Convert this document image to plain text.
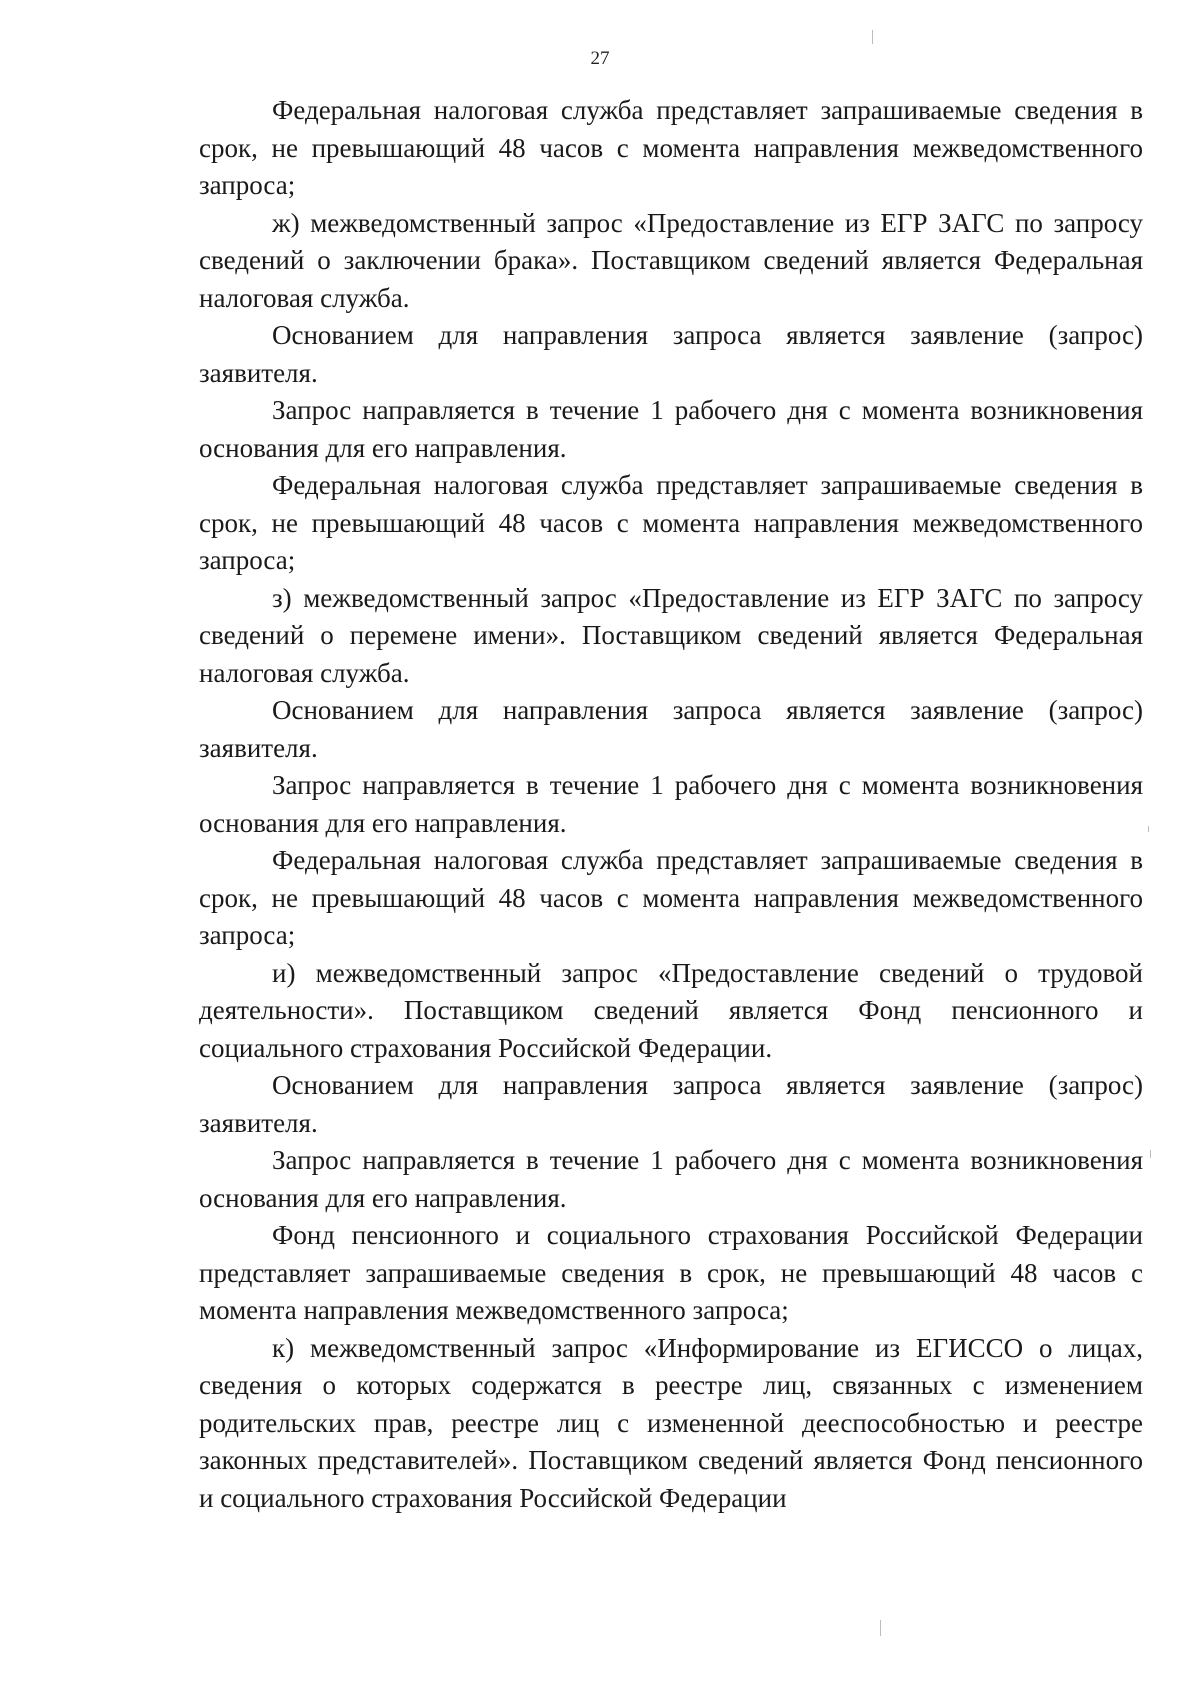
27

Федеральная налоговая служба представляет запрашиваемые сведения в срок, не превышающий 48 часов с момента направления межведомственного запроса;

ж) межведомственный запрос «Предоставление из ЕГР ЗАГС по запросу сведений о заключении брака». Поставщиком сведений является Федеральная налоговая служба.

Основанием для направления запроса является заявление (запрос) заявителя.

Запрос направляется в течение 1 рабочего дня с момента возникновения основания для его направления.

Федеральная налоговая служба представляет запрашиваемые сведения в срок, не превышающий 48 часов с момента направления межведомственного запроса;

з) межведомственный запрос «Предоставление из ЕГР ЗАГС по запросу сведений о перемене имени». Поставщиком сведений является Федеральная налоговая служба.

Основанием для направления запроса является заявление (запрос) заявителя.

Запрос направляется в течение 1 рабочего дня с момента возникновения основания для его направления.

Федеральная налоговая служба представляет запрашиваемые сведения в срок, не превышающий 48 часов с момента направления межведомственного запроса;

и) межведомственный запрос «Предоставление сведений о трудовой деятельности». Поставщиком сведений является Фонд пенсионного и социального страхования Российской Федерации.

Основанием для направления запроса является заявление (запрос) заявителя.

Запрос направляется в течение 1 рабочего дня с момента возникновения основания для его направления.

Фонд пенсионного и социального страхования Российской Федерации представляет запрашиваемые сведения в срок, не превышающий 48 часов с момента направления межведомственного запроса;

к) межведомственный запрос «Информирование из ЕГИССО о лицах, сведения о которых содержатся в реестре лиц, связанных с изменением родительских прав, реестре лиц с измененной дееспособностью и реестре законных представителей». Поставщиком сведений является Фонд пенсионного и социального страхования Российской Федерации
